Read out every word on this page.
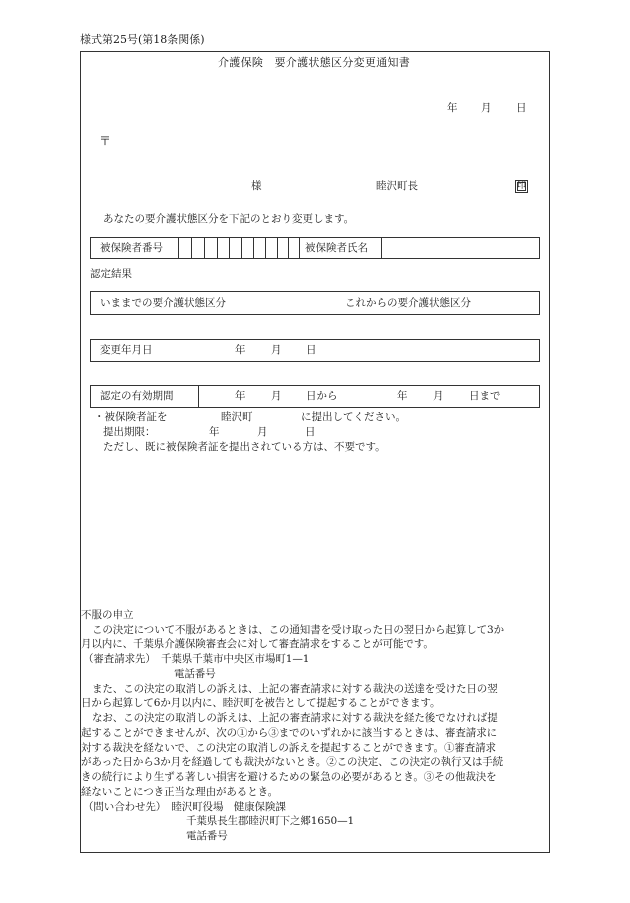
様式第25号(第18条関係)
介護保険　要介護状態区分変更通知書
年 月 日
〒
様	睦沢町長	印
あなたの要介護状態区分を下記のとおり変更します。
被保険者番号	被保険者氏名
認定結果
いままでの要介護状態区分	これからの要介護状態区分
変更年月日	年 月 日
認定の有効期間	年 月 日から	年 月 日まで
・被保険者証を	睦沢町	に提出してください。
提出期限：	年	月	日
ただし、既に被保険者証を提出されている方は、不要です。
不服の申立
この決定について不服があるときは、この通知書を受け取った日の翌日から起算して3か
月以内に、千葉県介護保険審査会に対して審査請求をすることが可能です。
（審査請求先）　千葉県千葉市中央区市場町1—1
電話番号
また、この決定の取消しの訴えは、上記の審査請求に対する裁決の送達を受けた日の翌
日から起算して6か月以内に、睦沢町を被告として提起することができます。
なお、この決定の取消しの訴えは、上記の審査請求に対する裁決を経た後でなければ提
起することができませんが、次の①から③までのいずれかに該当するときは、審査請求に
対する裁決を経ないで、この決定の取消しの訴えを提起することができます。①審査請求
があった日から3か月を経過しても裁決がないとき。②この決定、この決定の執行又は手続
きの続行により生ずる著しい損害を避けるための緊急の必要があるとき。③その他裁決を
経ないことにつき正当な理由があるとき。
（問い合わせ先）　睦沢町役場　健康保険課
千葉県長生郡睦沢町下之郷1650—1
電話番号
